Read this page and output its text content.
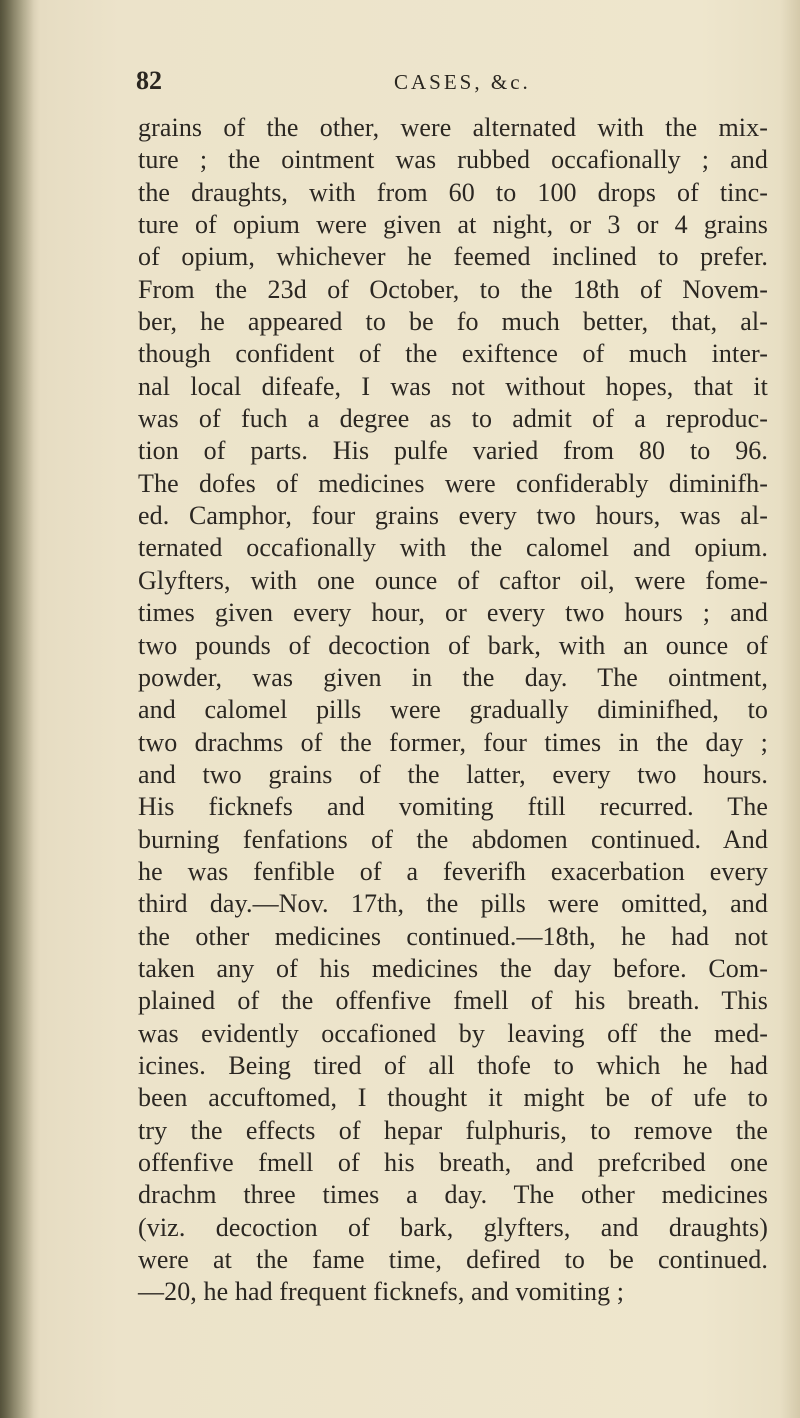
82	CASES, &c.
grains of the other, were alternated with the mix-
ture ; the ointment was rubbed occafionally ; and
the draughts, with from 60 to 100 drops of tinc-
ture of opium were given at night, or 3 or 4 grains
of opium, whichever he feemed inclined to prefer.
From the 23d of October, to the 18th of Novem-
ber, he appeared to be fo much better, that, al-
though confident of the exiftence of much inter-
nal local difeafe, I was not without hopes, that it
was of fuch a degree as to admit of a reproduc-
tion of parts. His pulfe varied from 80 to 96.
The dofes of medicines were confiderably diminifh-
ed. Camphor, four grains every two hours, was al-
ternated occafionally with the calomel and opium.
Glyfters, with one ounce of caftor oil, were fome-
times given every hour, or every two hours ; and
two pounds of decoction of bark, with an ounce of
powder, was given in the day. The ointment,
and calomel pills were gradually diminifhed, to
two drachms of the former, four times in the day ;
and two grains of the latter, every two hours.
His ficknefs and vomiting ftill recurred. The
burning fenfations of the abdomen continued. And
he was fenfible of a feverifh exacerbation every
third day.—Nov. 17th, the pills were omitted, and
the other medicines continued.—18th, he had not
taken any of his medicines the day before. Com-
plained of the offenfive fmell of his breath. This
was evidently occafioned by leaving off the med-
icines. Being tired of all thofe to which he had
been accuftomed, I thought it might be of ufe to
try the effects of hepar fulphuris, to remove the
offenfive fmell of his breath, and prefcribed one
drachm three times a day. The other medicines
(viz. decoction of bark, glyfters, and draughts)
were at the fame time, defired to be continued.
—20, he had frequent ficknefs, and vomiting ;
